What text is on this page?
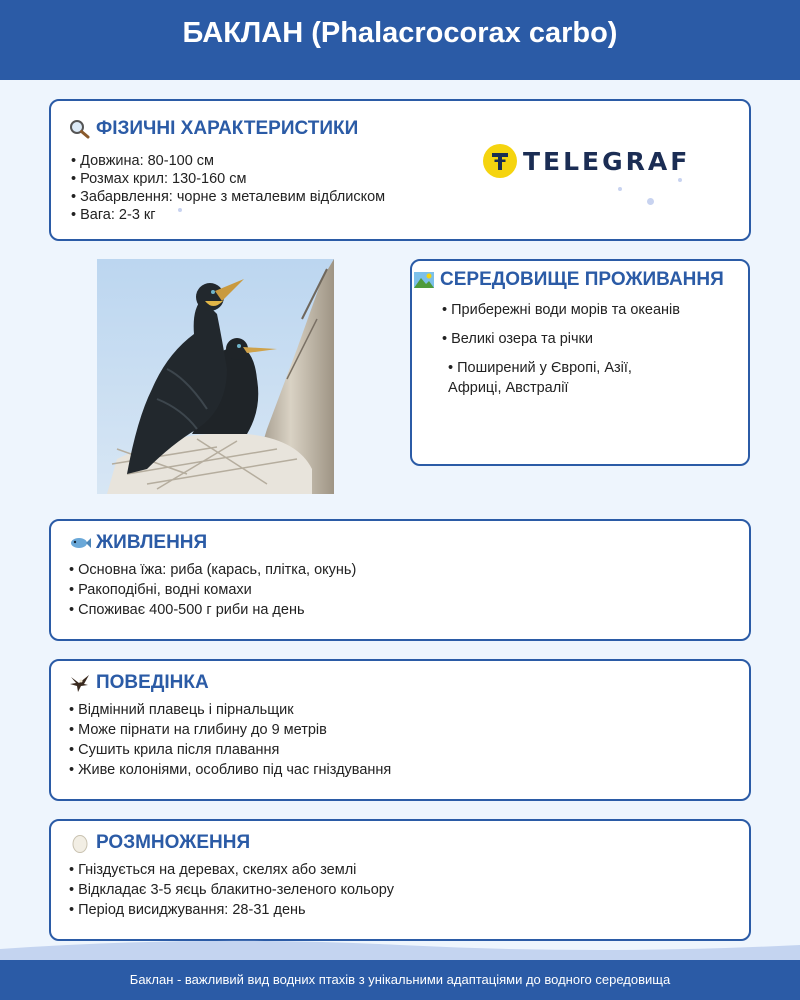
БАКЛАН (Phalacrocorax carbo)
ФІЗИЧНІ ХАРАКТЕРИСТИКИ
• Довжина: 80-100 см
• Розмах крил: 130-160 см
• Забарвлення: чорне з металевим відблиском
• Вага: 2-3 кг
TELEGRAF
СЕРЕДОВИЩЕ ПРОЖИВАННЯ
• Прибережні води морів та океанів
• Великі озера та річки
• Поширений у Європі, Азії,
Африці, Австралії
ЖИВЛЕННЯ
• Основна їжа: риба (карась, плітка, окунь)
• Ракоподібні, водні комахи
• Споживає 400-500 г риби на день
ПОВЕДІНКА
• Відмінний плавець і пірнальщик
• Може пірнати на глибину до 9 метрів
• Сушить крила після плавання
• Живе колоніями, особливо під час гніздування
РОЗМНОЖЕННЯ
• Гніздується на деревах, скелях або землі
• Відкладає 3-5 яєць блакитно-зеленого кольору
• Період висиджування: 28-31 день
Баклан - важливий вид водних птахів з унікальними адаптаціями до водного середовища
